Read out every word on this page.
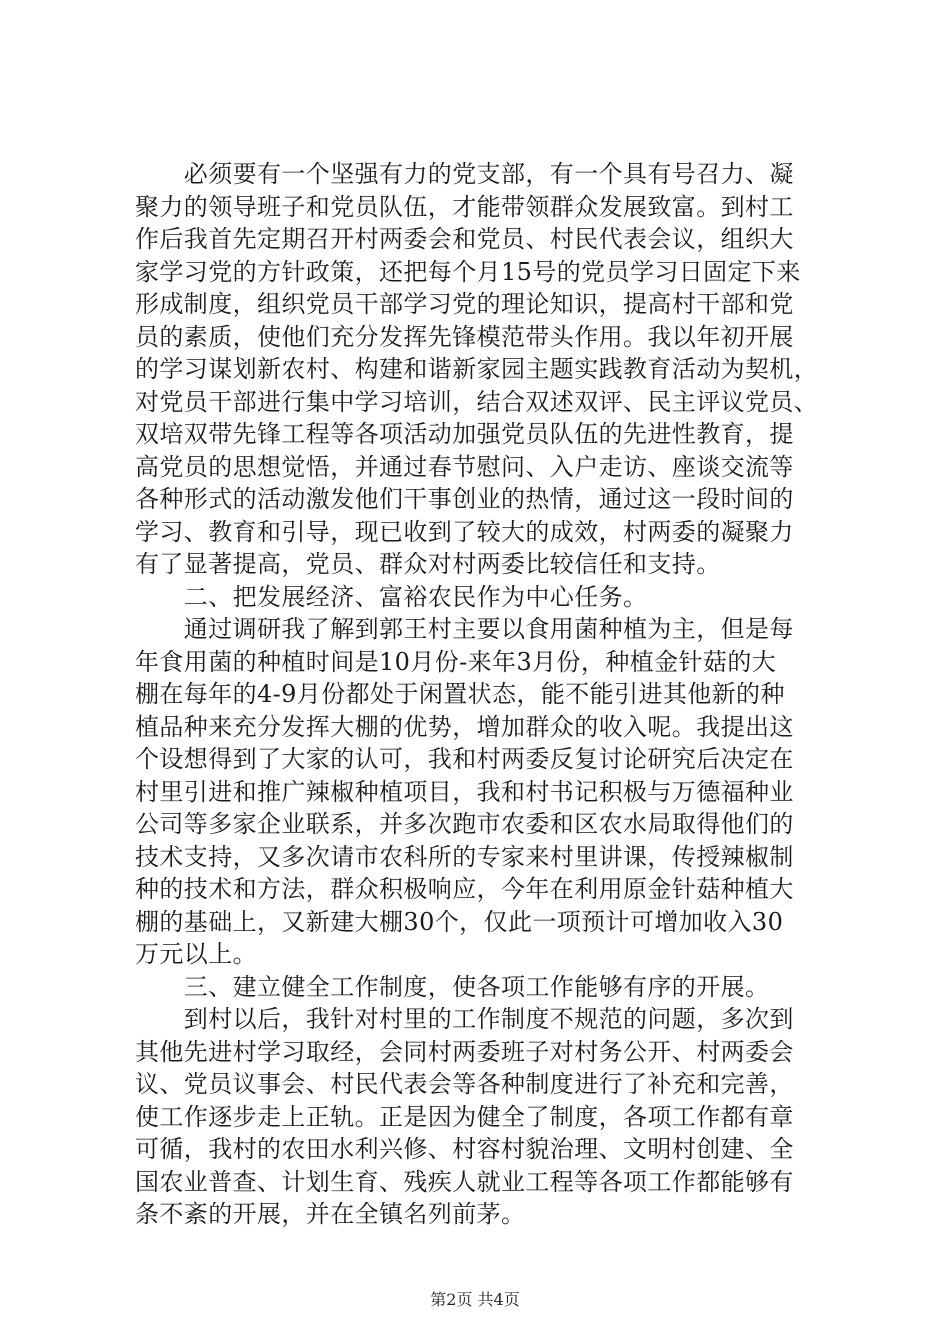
　　必须要有一个坚强有力的党支部，有一个具有号召力、凝
聚力的领导班子和党员队伍，才能带领群众发展致富。到村工
作后我首先定期召开村两委会和党员、村民代表会议，组织大
家学习党的方针政策，还把每个月15号的党员学习日固定下来
形成制度，组织党员干部学习党的理论知识，提高村干部和党
员的素质，使他们充分发挥先锋模范带头作用。我以年初开展
的学习谋划新农村、构建和谐新家园主题实践教育活动为契机，
对党员干部进行集中学习培训，结合双述双评、民主评议党员、
双培双带先锋工程等各项活动加强党员队伍的先进性教育，提
高党员的思想觉悟，并通过春节慰问、入户走访、座谈交流等
各种形式的活动激发他们干事创业的热情，通过这一段时间的
学习、教育和引导，现已收到了较大的成效，村两委的凝聚力
有了显著提高，党员、群众对村两委比较信任和支持。
　　二、把发展经济、富裕农民作为中心任务。
　　通过调研我了解到郭王村主要以食用菌种植为主，但是每
年食用菌的种植时间是10月份-来年3月份，种植金针菇的大
棚在每年的4-9月份都处于闲置状态，能不能引进其他新的种
植品种来充分发挥大棚的优势，增加群众的收入呢。我提出这
个设想得到了大家的认可，我和村两委反复讨论研究后决定在
村里引进和推广辣椒种植项目，我和村书记积极与万德福种业
公司等多家企业联系，并多次跑市农委和区农水局取得他们的
技术支持，又多次请市农科所的专家来村里讲课，传授辣椒制
种的技术和方法，群众积极响应，今年在利用原金针菇种植大
棚的基础上，又新建大棚30个，仅此一项预计可增加收入30
万元以上。
　　三、建立健全工作制度，使各项工作能够有序的开展。
　　到村以后，我针对村里的工作制度不规范的问题，多次到
其他先进村学习取经，会同村两委班子对村务公开、村两委会
议、党员议事会、村民代表会等各种制度进行了补充和完善，
使工作逐步走上正轨。正是因为健全了制度，各项工作都有章
可循，我村的农田水利兴修、村容村貌治理、文明村创建、全
国农业普查、计划生育、残疾人就业工程等各项工作都能够有
条不紊的开展，并在全镇名列前茅。
第2页 共4页
